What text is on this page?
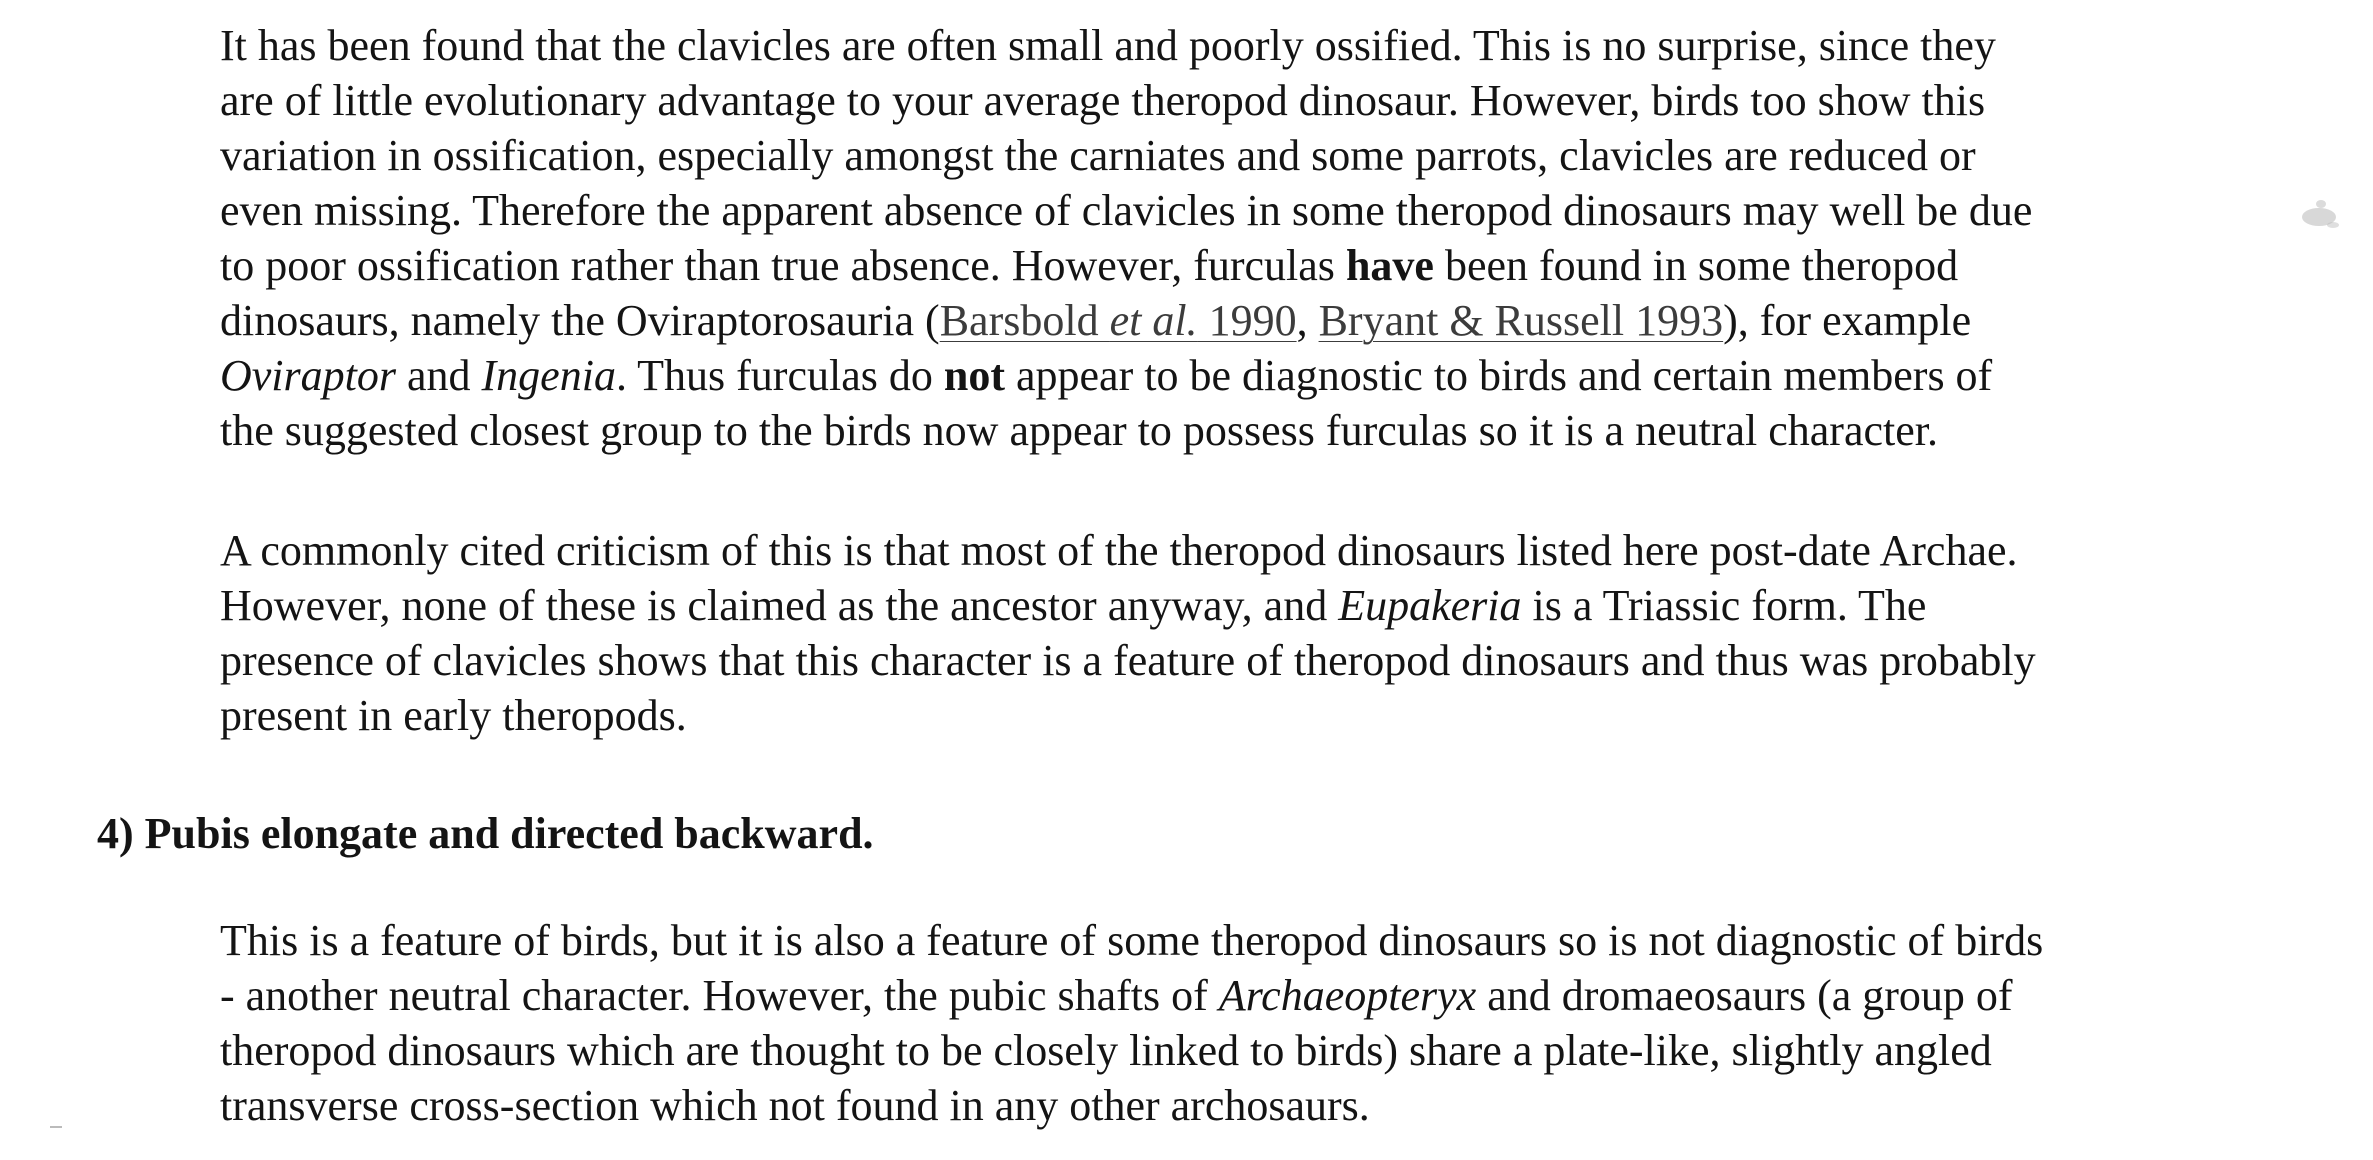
It has been found that the clavicles are often small and poorly ossified. This is no surprise, since they
are of little evolutionary advantage to your average theropod dinosaur. However, birds too show this
variation in ossification, especially amongst the carniates and some parrots, clavicles are reduced or
even missing. Therefore the apparent absence of clavicles in some theropod dinosaurs may well be due
to poor ossification rather than true absence. However, furculas have been found in some theropod
dinosaurs, namely the Oviraptorosauria (Barsbold et al. 1990, Bryant & Russell 1993), for example
Oviraptor and Ingenia. Thus furculas do not appear to be diagnostic to birds and certain members of
the suggested closest group to the birds now appear to possess furculas so it is a neutral character.

A commonly cited criticism of this is that most of the theropod dinosaurs listed here post-date Archae.
However, none of these is claimed as the ancestor anyway, and Eupakeria is a Triassic form. The
presence of clavicles shows that this character is a feature of theropod dinosaurs and thus was probably
present in early theropods.

4) Pubis elongate and directed backward.

This is a feature of birds, but it is also a feature of some theropod dinosaurs so is not diagnostic of birds
- another neutral character. However, the pubic shafts of Archaeopteryx and dromaeosaurs (a group of
theropod dinosaurs which are thought to be closely linked to birds) share a plate-like, slightly angled
transverse cross-section which not found in any other archosaurs.
